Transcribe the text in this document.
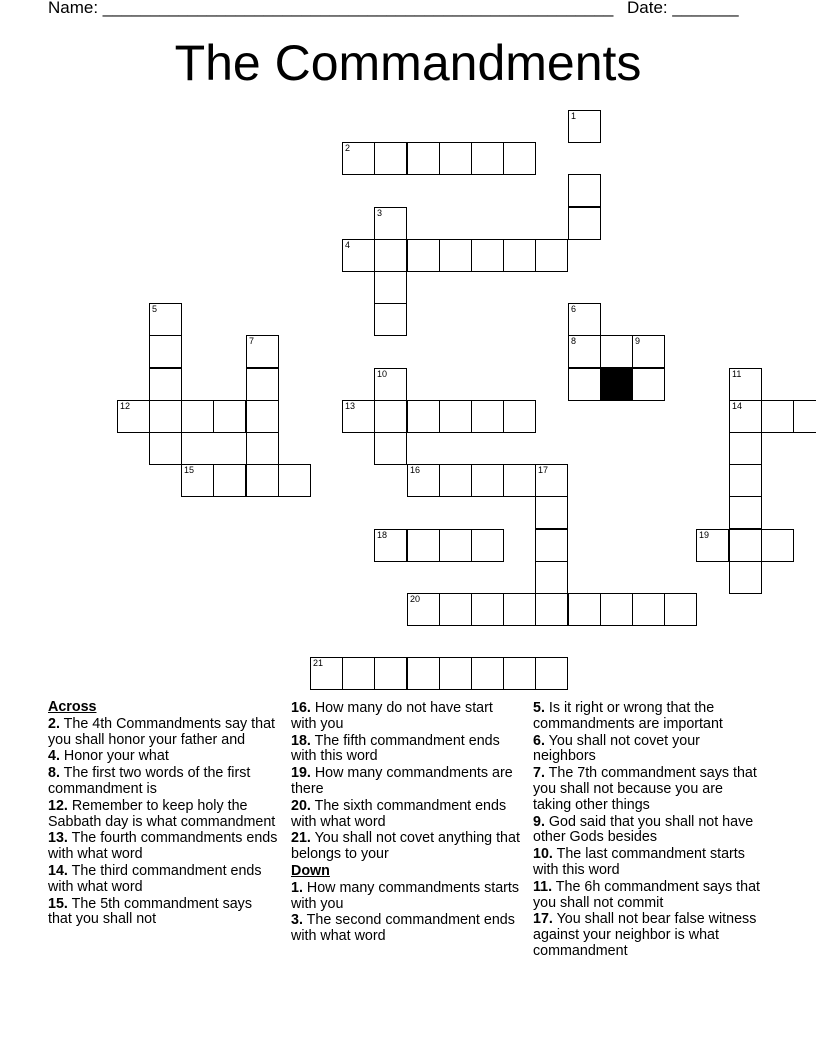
Name: ______________________________________________________ Date: _______
The Commandments
1
2
3
4
5	6
7	8	9
10	11
12	13	14
15	16	17
18	19
20
21
Across
2. The 4th Commandments say that you shall honor your father and
4. Honor your what
8. The first two words of the first commandment is
12. Remember to keep holy the Sabbath day is what commandment
13. The fourth commandments ends with what word
14. The third commandment ends with what word
15. The 5th commandment says that you shall not
16. How many do not have start with you
18. The fifth commandment ends with this word
19. How many commandments are there
20. The sixth commandment ends with what word
21. You shall not covet anything that belongs to your
Down
1. How many commandments starts with you
3. The second commandment ends with what word
5. Is it right or wrong that the commandments are important
6. You shall not covet your neighbors
7. The 7th commandment says that you shall not because you are taking other things
9. God said that you shall not have other Gods besides
10. The last commandment starts with this word
11. The 6h commandment says that you shall not commit
17. You shall not bear false witness against your neighbor is what commandment
